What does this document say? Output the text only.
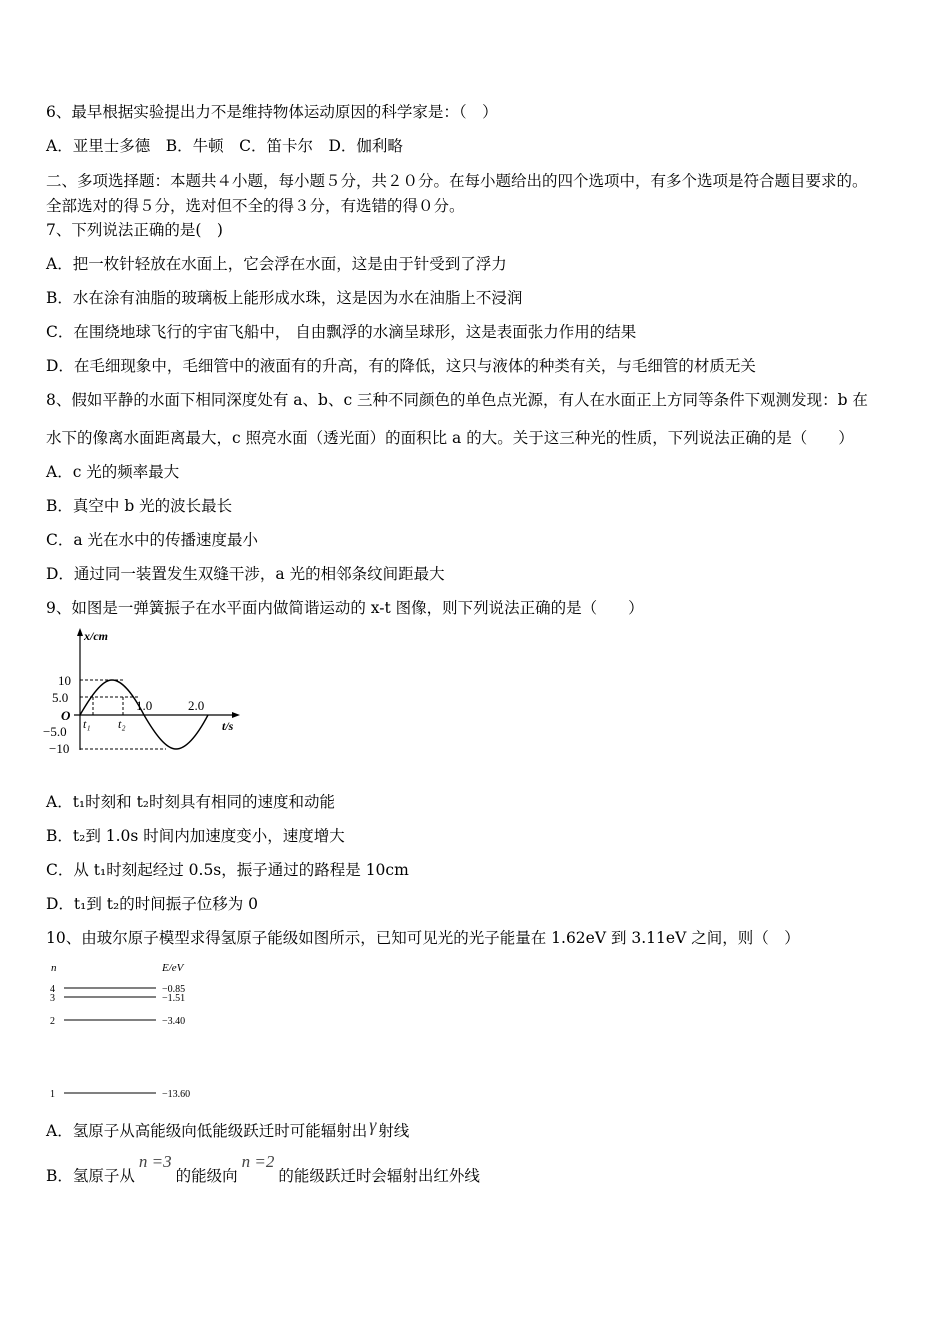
6、最早根据实验提出力不是维持物体运动原因的科学家是：（　）
A．亚里士多德　B．牛顿　C．笛卡尔　D．伽利略
二、多项选择题：本题共４小题，每小题５分，共２０分。在每小题给出的四个选项中，有多个选项是符合题目要求的。
全部选对的得５分，选对但不全的得３分，有选错的得０分。
7、下列说法正确的是(　)
A．把一枚针轻放在水面上，它会浮在水面，这是由于针受到了浮力
B．水在涂有油脂的玻璃板上能形成水珠，这是因为水在油脂上不浸润
C．在围绕地球飞行的宇宙飞船中， 自由飘浮的水滴呈球形，这是表面张力作用的结果
D．在毛细现象中，毛细管中的液面有的升高，有的降低，这只与液体的种类有关，与毛细管的材质无关
8、假如平静的水面下相同深度处有 a、b、c 三种不同颜色的单色点光源，有人在水面正上方同等条件下观测发现：b 在
水下的像离水面距离最大，c 照亮水面（透光面）的面积比 a 的大。关于这三种光的性质，下列说法正确的是（　　）
A．c 光的频率最大
B．真空中 b 光的波长最长
C．a 光在水中的传播速度最小
D．通过同一装置发生双缝干涉，a 光的相邻条纹间距最大
9、如图是一弹簧振子在水平面内做简谐运动的 x-t 图像，则下列说法正确的是（　　）
x/cm
t/s
O
10
5.0
−5.0
−10
1.0	2.0
t₁ t₂
A．t₁时刻和 t₂时刻具有相同的速度和动能
B．t₂到 1.0s 时间内加速度变小，速度增大
C．从 t₁时刻起经过 0.5s，振子通过的路程是 10cm
D．t₁到 t₂的时间振子位移为 0
10、由玻尔原子模型求得氢原子能级如图所示，已知可见光的光子能量在 1.62eV 到 3.11eV 之间，则（　）
n	E/eV
4	−0.85
3	−1.51
2	−3.40
1	−13.60
A．氢原子从高能级向低能级跃迁时可能辐射出 γ 射线
B．氢原子从n =3的能级向n =2的能级跃迁时会辐射出红外线
